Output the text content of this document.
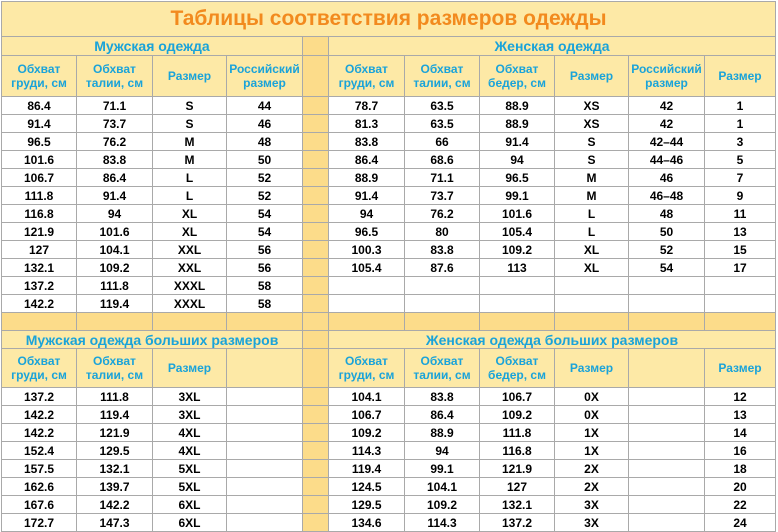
Таблицы соответствия размеров одежды										
Мужская одежда					Женская одежда					
Обхват груди, см	Обхват талии, см	Размер	Российский размер		Обхват груди, см	Обхват талии, см	Обхват бедер, см	Размер	Российский размер	Размер
86.4	71.1	S	44		78.7	63.5	88.9	XS	42	1
91.4	73.7	S	46		81.3	63.5	88.9	XS	42	1
96.5	76.2	M	48		83.8	66	91.4	S	42–44	3
101.6	83.8	M	50		86.4	68.6	94	S	44–46	5
106.7	86.4	L	52		88.9	71.1	96.5	M	46	7
111.8	91.4	L	52		91.4	73.7	99.1	M	46–48	9
116.8	94	XL	54		94	76.2	101.6	L	48	11
121.9	101.6	XL	54		96.5	80	105.4	L	50	13
127	104.1	XXL	56		100.3	83.8	109.2	XL	52	15
132.1	109.2	XXL	56		105.4	87.6	113	XL	54	17
137.2	111.8	XXXL	58							
142.2	119.4	XXXL	58							

Мужская одежда больших размеров					Женская одежда больших размеров					
Обхват груди, см	Обхват талии, см	Размер			Обхват груди, см	Обхват талии, см	Обхват бедер, см	Размер		Размер
137.2	111.8	3XL			104.1	83.8	106.7	0X		12
142.2	119.4	3XL			106.7	86.4	109.2	0X		13
142.2	121.9	4XL			109.2	88.9	111.8	1X		14
152.4	129.5	4XL			114.3	94	116.8	1X		16
157.5	132.1	5XL			119.4	99.1	121.9	2X		18
162.6	139.7	5XL			124.5	104.1	127	2X		20
167.6	142.2	6XL			129.5	109.2	132.1	3X		22
172.7	147.3	6XL			134.6	114.3	137.2	3X		24
